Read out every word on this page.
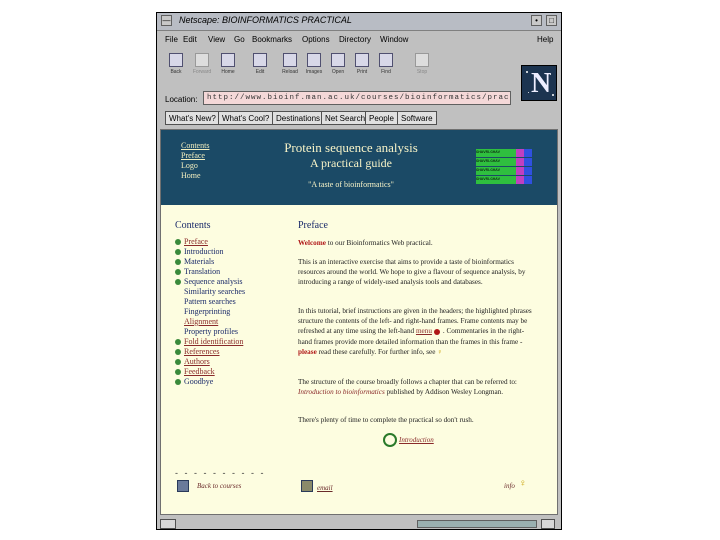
— Netscape: BIOINFORMATICS PRACTICAL	•	□
File Edit View Go Bookmarks Options Directory Window	Help
Back	Forward	Home	Edit	Reload	Images	Open	Print	Find	Stop
Location:	http://www.bioinf.man.ac.uk/courses/bioinformatics/prac N
What's New? What's Cool? Destinations Net Search People Software
Contents
Preface
Logo
Home
Protein sequence analysis
A practical guide
"A taste of bioinformatics"
GHAVRLGHAV
GHAVRLGHAV
GHAVRLGHAV
GHAVRLGHAV
Contents
Preface
Introduction
Materials
Translation
Sequence analysis
Similarity searches
Pattern searches
Fingerprinting
Alignment
Property profiles
Fold identification
References
Authors
Feedback
Goodbye
Preface
Welcome to our Bioinformatics Web practical.
This is an interactive exercise that aims to provide a taste of bioinformatics resources around the world. We hope to give a flavour of sequence analysis, by introducing a range of widely-used analysis tools and databases.
In this tutorial, brief instructions are given in the headers; the highlighted phrases structure the contents of the left- and right-hand frames. Frame contents may be refreshed at any time using the left-hand menu . Commentaries in the right-hand frames provide more detailed information than the frames in this frame - please read these carefully. For further info, see ♀
The structure of the course broadly follows a chapter that can be referred to: Introduction to bioinformatics published by Addison Wesley Longman.
There's plenty of time to complete the practical so don't rush.
Introduction
- - - - - - - - - -
Back to courses	email	info ♀
